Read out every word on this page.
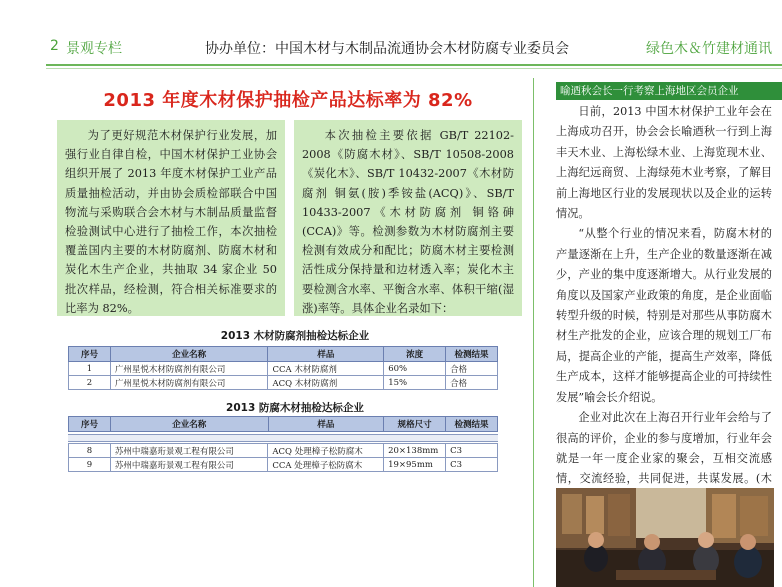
2 景观专栏	协办单位：中国木材与木制品流通协会木材防腐专业委员会	绿色木＆竹建材通讯
2013 年度木材保护抽检产品达标率为 82%

为了更好规范木材保护行业发展，加强行业自律自检，中国木材保护工业协会组织开展了 2013 年度木材保护工业产品质量抽检活动，并由协会质检部联合中国物流与采购联合会木材与木制品质量监督检验测试中心进行了抽检工作，本次抽检覆盖国内主要的木材防腐剂、防腐木材和炭化木生产企业，共抽取 34 家企业 50 批次样品，经检测，符合相关标准要求的比率为 82%。

本次抽检主要依据 GB/T 22102-2008《防腐木材》、SB/T 10508-2008《炭化木》、SB/T 10432-2007《木材防腐剂 铜氨(胺)季铵盐(ACQ)》、SB/T 10433-2007《木材防腐剂 铜铬砷(CCA)》等。检测参数为木材防腐剂主要检测有效成分和配比；防腐木材主要检测活性成分保持量和边材透入率；炭化木主要检测含水率、平衡含水率、体积干缩(湿涨)率等。具体企业名录如下：

2013 木材防腐剂抽检达标企业
序号	企业名称	样品	浓度	检测结果
1	广州星悦木材防腐剂有限公司	CCA 木材防腐剂	60%	合格
2	广州星悦木材防腐剂有限公司	ACQ 木材防腐剂	15%	合格
2013 防腐木材抽检达标企业
序号	企业名称	样品	规格尺寸	检测结果
8	苏州中瑞嘉珩景观工程有限公司	ACQ 处理樟子松防腐木	20×138mm	C3
9	苏州中瑞嘉珩景观工程有限公司	CCA 处理樟子松防腐木	19×95mm	C3
喻迺秋会长一行考察上海地区会员企业

日前，2013 中国木材保护工业年会在上海成功召开，协会会长喻迺秋一行到上海丰天木业、上海松绿木业、上海览现木业、上海纪远商贸、上海绿苑木业考察，了解目前上海地区行业的发展现状以及企业的运转情况。

“从整个行业的情况来看，防腐木材的产量逐渐在上升，生产企业的数量逐渐在减少，产业的集中度逐渐增大。从行业发展的角度以及国家产业政策的角度，是企业面临转型升级的时候，特别是对那些从事防腐木材生产批发的企业，应该合理的规划工厂布局，提高企业的产能，提高生产效率，降低生产成本，这样才能够提高企业的可持续性发展”喻会长介绍说。

企业对此次在上海召开行业年会给与了很高的评价，企业的参与度增加，行业年会就是一年一度企业家的聚会，互相交流感情，交流经验，共同促进，共谋发展。(木
